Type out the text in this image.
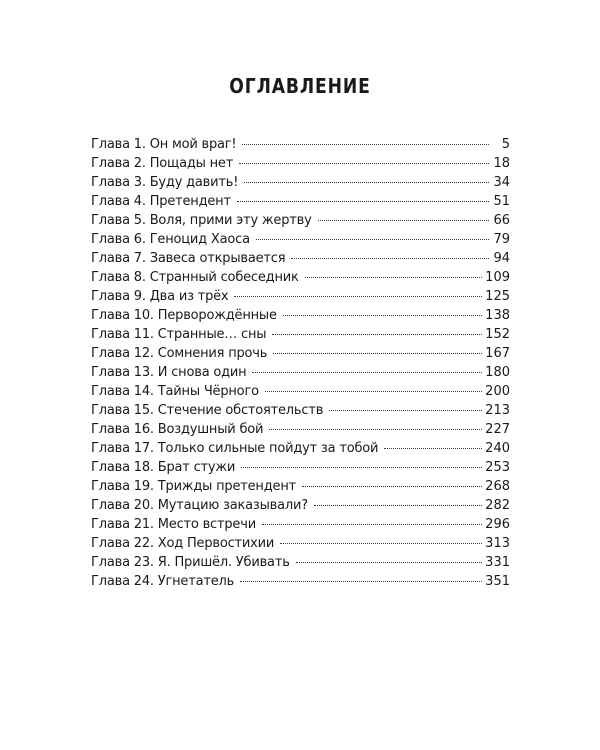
ОГЛАВЛЕНИЕ
Глава 1. Он мой враг!	5
Глава 2. Пощады нет	18
Глава 3. Буду давить!	34
Глава 4. Претендент	51
Глава 5. Воля, прими эту жертву	66
Глава 6. Геноцид Хаоса	79
Глава 7. Завеса открывается	94
Глава 8. Странный собеседник	109
Глава 9. Два из трёх	125
Глава 10. Перворождённые	138
Глава 11. Странные… сны	152
Глава 12. Сомнения прочь	167
Глава 13. И снова один	180
Глава 14. Тайны Чёрного	200
Глава 15. Стечение обстоятельств	213
Глава 16. Воздушный бой	227
Глава 17. Только сильные пойдут за тобой	240
Глава 18. Брат стужи	253
Глава 19. Трижды претендент	268
Глава 20. Мутацию заказывали?	282
Глава 21. Место встречи	296
Глава 22. Ход Первостихии	313
Глава 23. Я. Пришёл. Убивать	331
Глава 24. Угнетатель	351
